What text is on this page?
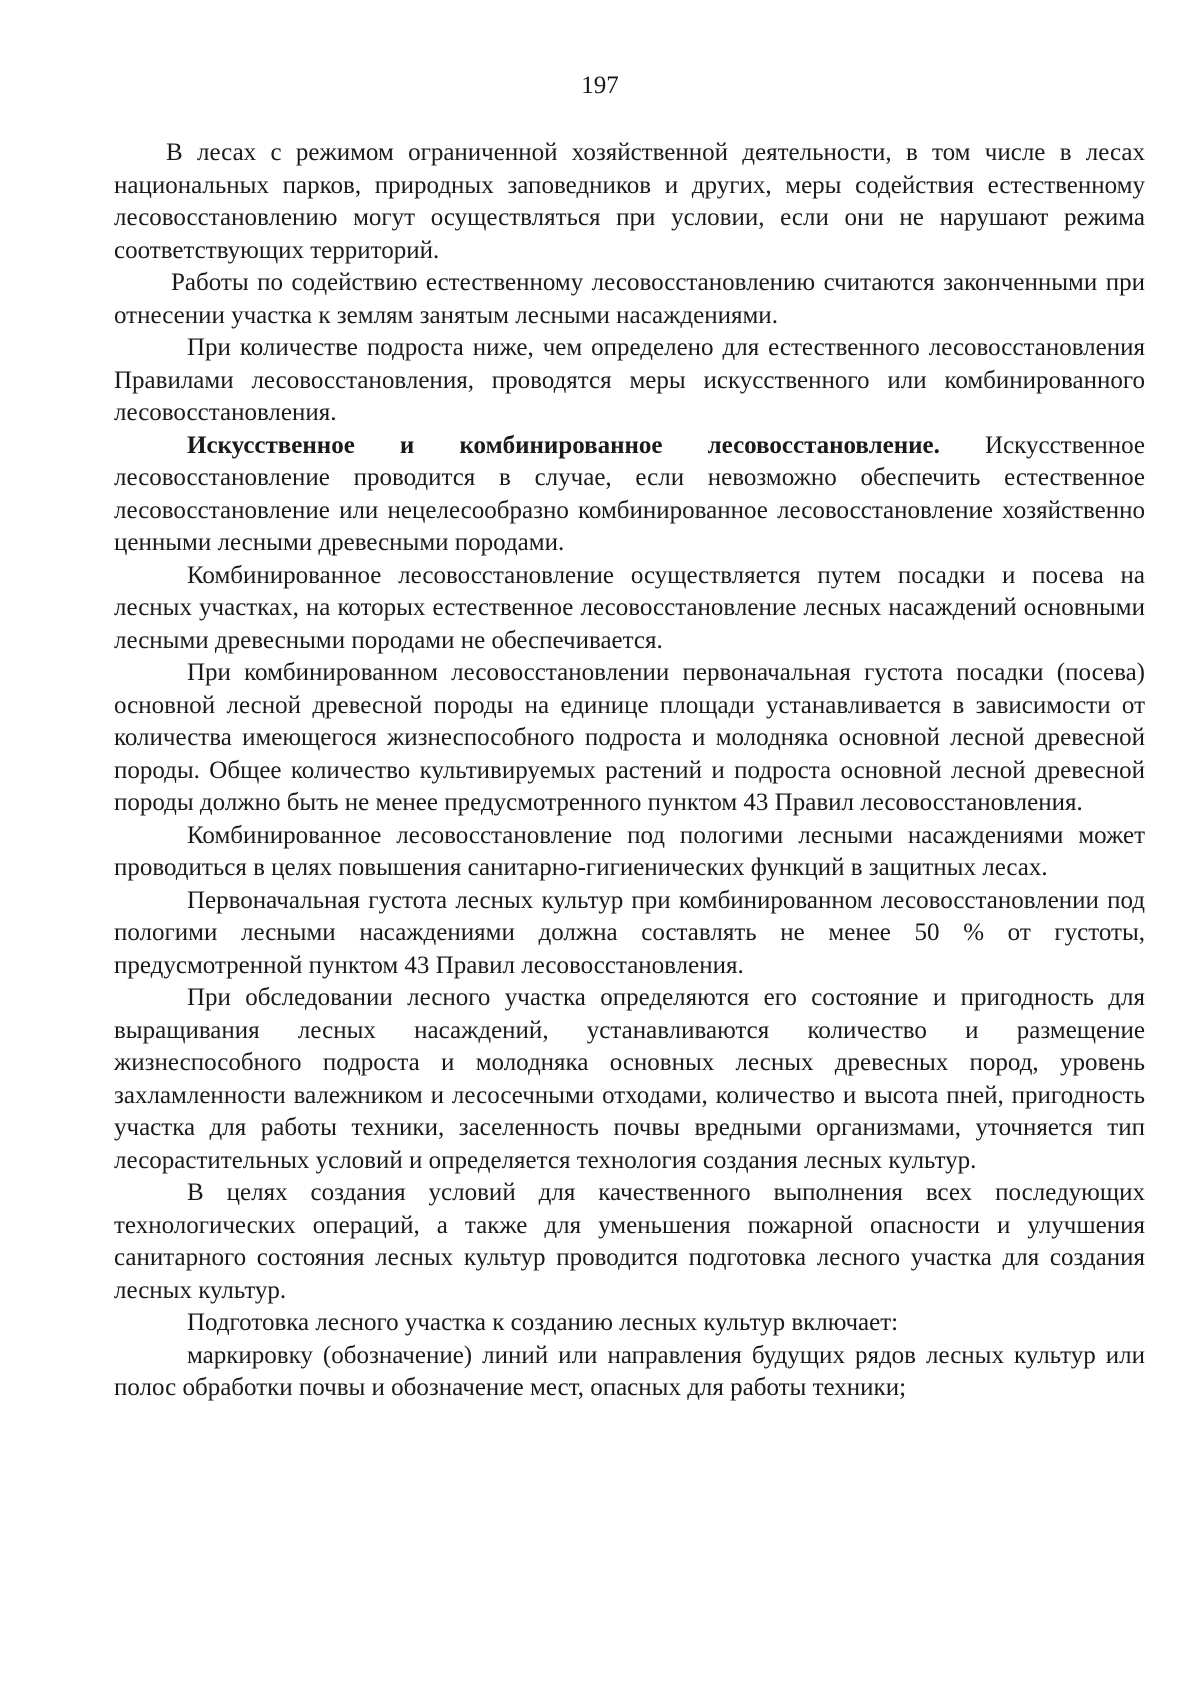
197

В лесах с режимом ограниченной хозяйственной деятельности, в том числе в лесах национальных парков, природных заповедников и других, меры содействия естественному лесовосстановлению могут осуществляться при условии, если они не нарушают режима соответствующих территорий.

Работы по содействию естественному лесовосстановлению считаются законченными при отнесении участка к землям занятым лесными насаждениями.

При количестве подроста ниже, чем определено для естественного лесовосстановления Правилами лесовосстановления, проводятся меры искусственного или комбинированного лесовосстановления.

Искусственное и комбинированное лесовосстановление. Искусственное лесовосстановление проводится в случае, если невозможно обеспечить естественное лесовосстановление или нецелесообразно комбинированное лесовосстановление хозяйственно ценными лесными древесными породами.

Комбинированное лесовосстановление осуществляется путем посадки и посева на лесных участках, на которых естественное лесовосстановление лесных насаждений основными лесными древесными породами не обеспечивается.

При комбинированном лесовосстановлении первоначальная густота посадки (посева) основной лесной древесной породы на единице площади устанавливается в зависимости от количества имеющегося жизнеспособного подроста и молодняка основной лесной древесной породы. Общее количество культивируемых растений и подроста основной лесной древесной породы должно быть не менее предусмотренного пунктом 43 Правил лесовосстановления.

Комбинированное лесовосстановление под пологими лесными насаждениями может проводиться в целях повышения санитарно-гигиенических функций в защитных лесах.

Первоначальная густота лесных культур при комбинированном лесовосстановлении под пологими лесными насаждениями должна составлять не менее 50 % от густоты, предусмотренной пунктом 43 Правил лесовосстановления.

При обследовании лесного участка определяются его состояние и пригодность для выращивания лесных насаждений, устанавливаются количество и размещение жизнеспособного подроста и молодняка основных лесных древесных пород, уровень захламленности валежником и лесосечными отходами, количество и высота пней, пригодность участка для работы техники, заселенность почвы вредными организмами, уточняется тип лесорастительных условий и определяется технология создания лесных культур.

В целях создания условий для качественного выполнения всех последующих технологических операций, а также для уменьшения пожарной опасности и улучшения санитарного состояния лесных культур проводится подготовка лесного участка для создания лесных культур.

Подготовка лесного участка к созданию лесных культур включает:

маркировку (обозначение) линий или направления будущих рядов лесных культур или полос обработки почвы и обозначение мест, опасных для работы техники;
